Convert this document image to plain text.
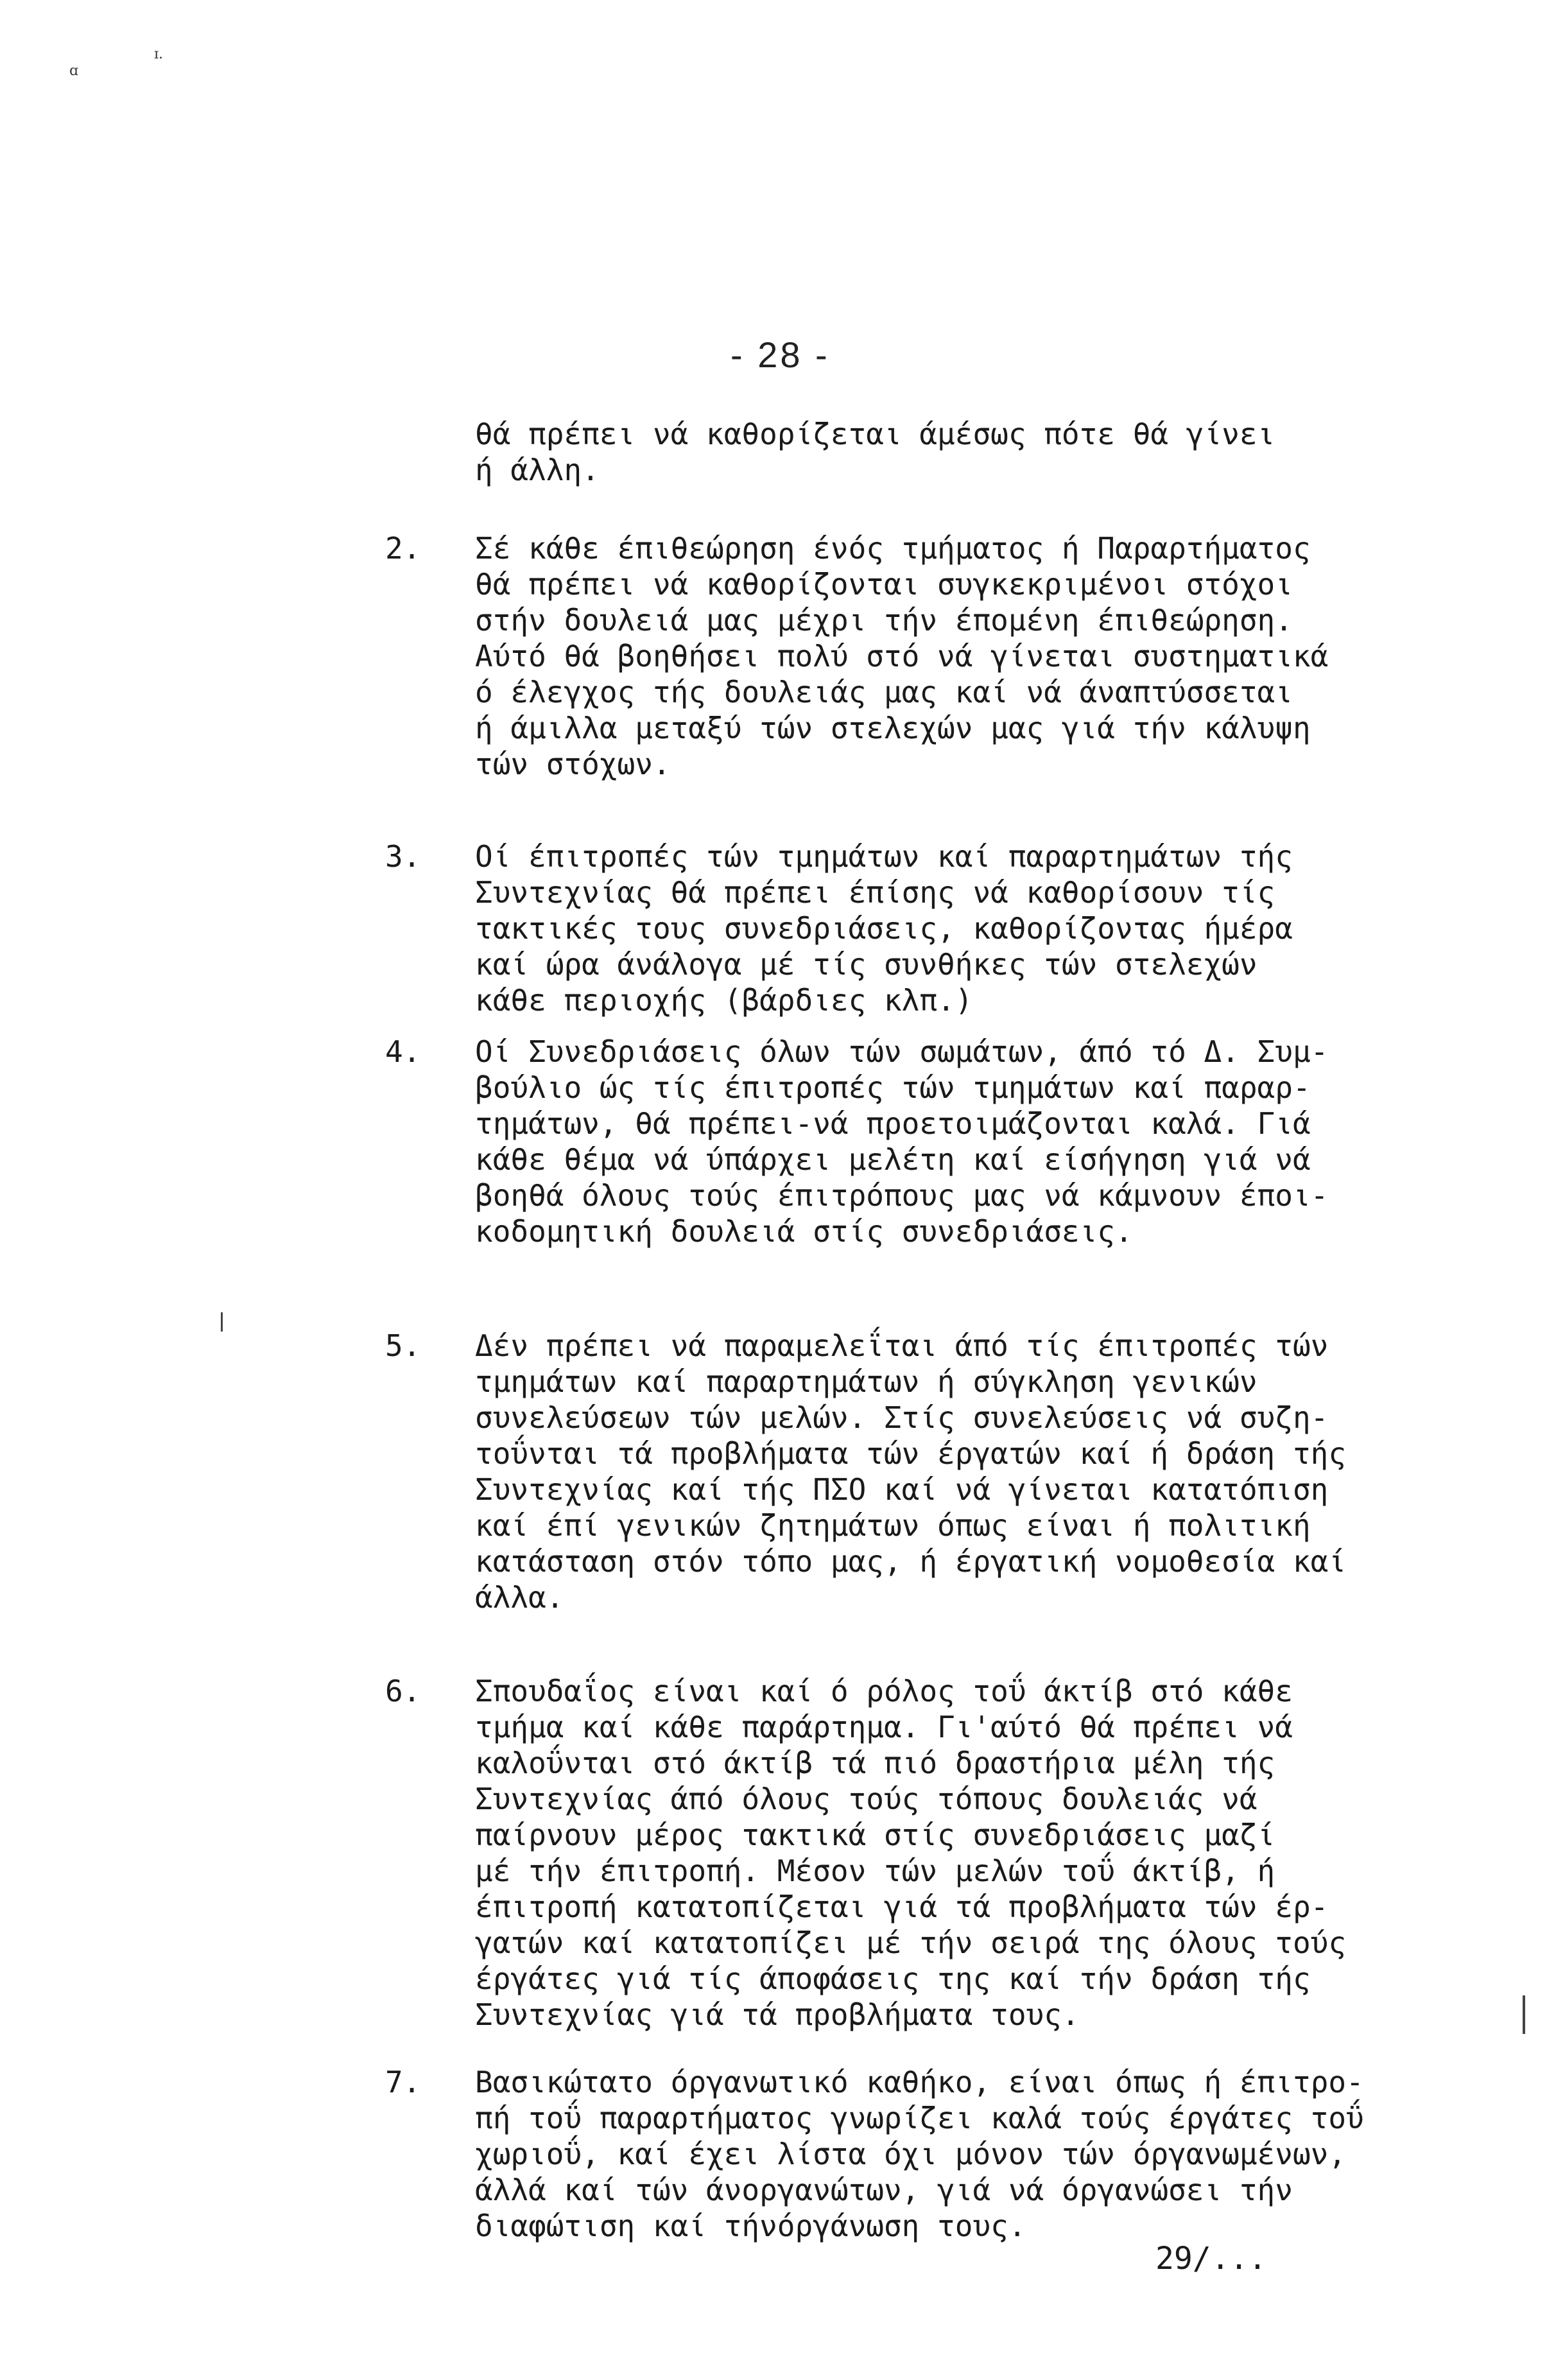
ɑ
ɪ.
- 28 -
θά πρέπει νά καθορίζεται άμέσως πότε θά γίνει
ή άλλη.
2.	Σέ κάθε έπιθεώρηση ένός τμήματος ή Παραρτήματος
θά πρέπει νά καθορίζονται συγκεκριμένοι στόχοι
στήν δουλειά μας μέχρι τήν έπομένη έπιθεώρηση.
Αύτό θά βοηθήσει πολύ στό νά γίνεται συστηματικά
ό έλεγχος τής δουλειάς μας καί νά άναπτύσσεται
ή άμιλλα μεταξύ τών στελεχών μας γιά τήν κάλυψη
τών στόχων.
3.	Οί έπιτροπές τών τμημάτων καί παραρτημάτων τής
Συντεχνίας θά πρέπει έπίσης νά καθορίσουν τίς
τακτικές τους συνεδριάσεις, καθορίζοντας ήμέρα
καί ώρα άνάλογα μέ τίς συνθήκες τών στελεχών
κάθε περιοχής (βάρδιες κλπ.)
4.	Οί Συνεδριάσεις όλων τών σωμάτων, άπό τό Δ. Συμ-
βούλιο ώς τίς έπιτροπές τών τμημάτων καί παραρ-
τημάτων, θά πρέπει-νά προετοιμάζονται καλά. Γιά
κάθε θέμα νά ύπάρχει μελέτη καί είσήγηση γιά νά
βοηθά όλους τούς έπιτρόπους μας νά κάμνουν έποι-
κοδομητική δουλειά στίς συνεδριάσεις.
5.	Δέν πρέπει νά παραμελεΐται άπό τίς έπιτροπές τών
τμημάτων καί παραρτημάτων ή σύγκληση γενικών
συνελεύσεων τών μελών. Στίς συνελεύσεις νά συζη-
τοΰνται τά προβλήματα τών έργατών καί ή δράση τής
Συντεχνίας καί τής ΠΣΟ καί νά γίνεται κατατόπιση
καί έπί γενικών ζητημάτων όπως είναι ή πολιτική
κατάσταση στόν τόπο μας, ή έργατική νομοθεσία καί
άλλα.
6.	Σπουδαΐος είναι καί ό ρόλος τοΰ άκτίβ στό κάθε
τμήμα καί κάθε παράρτημα. Γι'αύτό θά πρέπει νά
καλοΰνται στό άκτίβ τά πιό δραστήρια μέλη τής
Συντεχνίας άπό όλους τούς τόπους δουλειάς νά
παίρνουν μέρος τακτικά στίς συνεδριάσεις μαζί
μέ τήν έπιτροπή. Μέσον τών μελών τοΰ άκτίβ, ή
έπιτροπή κατατοπίζεται γιά τά προβλήματα τών έρ-
γατών καί κατατοπίζει μέ τήν σειρά της όλους τούς
έργάτες γιά τίς άποφάσεις της καί τήν δράση τής
Συντεχνίας γιά τά προβλήματα τους.
7.	Βασικώτατο όργανωτικό καθήκο, είναι όπως ή έπιτρο-
πή τοΰ παραρτήματος γνωρίζει καλά τούς έργάτες τοΰ
χωριοΰ, καί έχει λίστα όχι μόνον τών όργανωμένων,
άλλά καί τών άνοργανώτων, γιά νά όργανώσει τήν
διαφώτιση καί τήνόργάνωση τους.
29/...
